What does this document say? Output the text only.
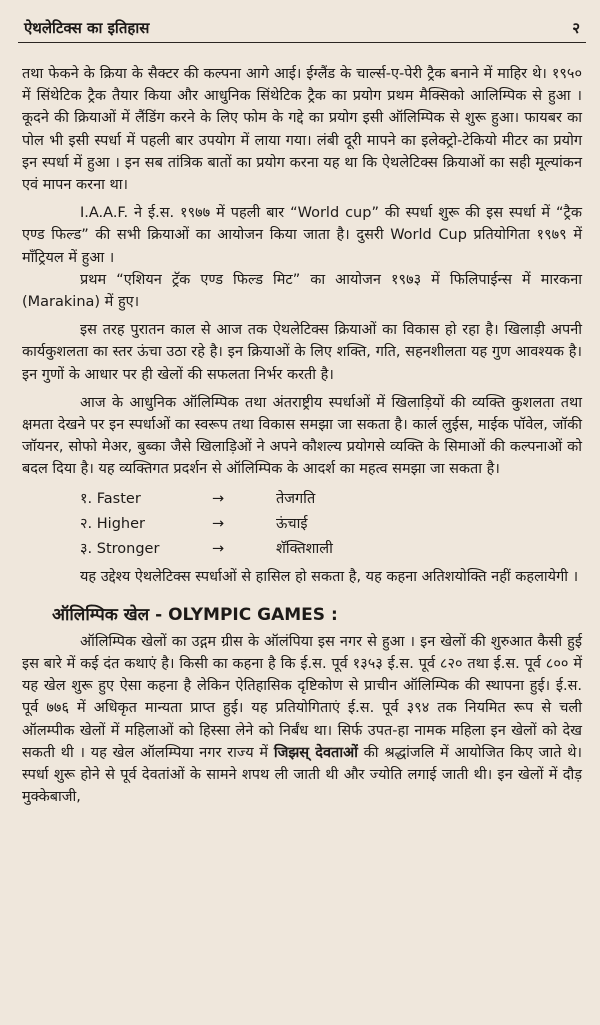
ऐथलेटिक्स का इतिहास	२

तथा फेकने के क्रिया के सैक्टर की कल्पना आगे आई। ईग्लैंड के चार्ल्स-ए-पेरी ट्रैक बनाने में माहिर थे। १९५० में सिंथेटिक ट्रैक तैयार किया और आधुनिक सिंथेटिक ट्रैक का प्रयोग प्रथम मैक्सिको आलिम्पिक से हुआ । कूदने की क्रियाओं में लैंडिंग करने के लिए फोम के गद्दे का प्रयोग इसी ऑलिम्पिक से शुरू हुआ। फायबर का पोल भी इसी स्पर्धा में पहली बार उपयोग में लाया गया। लंबी दूरी मापने का इलेक्ट्रो-टेकियो मीटर का प्रयोग इन स्पर्धा में हुआ । इन सब तांत्रिक बातों का प्रयोग करना यह था कि ऐथलेटिक्स क्रियाओं का सही मूल्यांकन एवं मापन करना था।

I.A.A.F. ने ई.स. १९७७ में पहली बार “World cup” की स्पर्धा शुरू की इस स्पर्धा में “ट्रैक एण्ड फिल्ड” की सभी क्रियाओं का आयोजन किया जाता है। दुसरी World Cup प्रतियोगिता १९७९ में मॉंट्रियल में हुआ ।

प्रथम “एशियन ट्रॅक एण्ड फिल्ड मिट” का आयोजन १९७३ में फिलिपाईन्स में मारकना (Marakina) में हुए।

इस तरह पुरातन काल से आज तक ऐथलेटिक्स क्रियाओं का विकास हो रहा है। खिलाड़ी अपनी कार्यकुशलता का स्तर ऊंचा उठा रहे है। इन क्रियाओं के लिए शक्ति, गति, सहनशीलता यह गुण आवश्यक है। इन गुणों के आधार पर ही खेलों की सफलता निर्भर करती है।

आज के आधुनिक ऑलिम्पिक तथा अंतराष्ट्रीय स्पर्धाओं में खिलाड़ियों की व्यक्ति कुशलता तथा क्षमता देखने पर इन स्पर्धाओं का स्वरूप तथा विकास समझा जा सकता है। कार्ल लुईस, माईक पॉवेल, जॉकी जॉयनर, सोफो मेअर, बुब्का जैसे खिलाड़िओं ने अपने कौशल्य प्रयोगसे व्यक्ति के सिमाओं की कल्पनाओं को बदल दिया है। यह व्यक्तिगत प्रदर्शन से ऑलिम्पिक के आदर्श का महत्व समझा जा सकता है।

१. Faster	→	तेजगति
२. Higher	→	ऊंचाई
३. Stronger	→	शॅक्तिशाली

यह उद्देश्य ऐथलेटिक्स स्पर्धाओं से हासिल हो सकता है, यह कहना अतिशयोक्ति नहीं कहलायेगी ।

ऑलिम्पिक खेल - OLYMPIC GAMES :

ऑलिम्पिक खेलों का उद्गम ग्रीस के ऑलंपिया इस नगर से हुआ । इन खेलों की शुरुआत कैसी हुई इस बारे में कई दंत कथाएं है। किसी का कहना है कि ई.स. पूर्व १३५३ ई.स. पूर्व ८२० तथा ई.स. पूर्व ८०० में यह खेल शुरू हुए ऐसा कहना है लेकिन ऐतिहासिक दृष्टिकोण से प्राचीन ऑलिम्पिक की स्थापना हुई। ई.स. पूर्व ७७६ में अधिकृत मान्यता प्राप्त हुई। यह प्रतियोगिताएं ई.स. पूर्व ३९४ तक नियमित रूप से चली ऑलम्पीक खेलों में महिलाओं को हिस्सा लेने को निर्बंध था। सिर्फ उपत-हा नामक महिला इन खेलों को देख सकती थी । यह खेल ऑलम्पिया नगर राज्य में जिझस् देवताओं की श्रद्धांजलि में आयोजित किए जाते थे। स्पर्धा शुरू होने से पूर्व देवतांओं के सामने शपथ ली जाती थी और ज्योति लगाई जाती थी। इन खेलों में दौड़ मुक्केबाजी,
